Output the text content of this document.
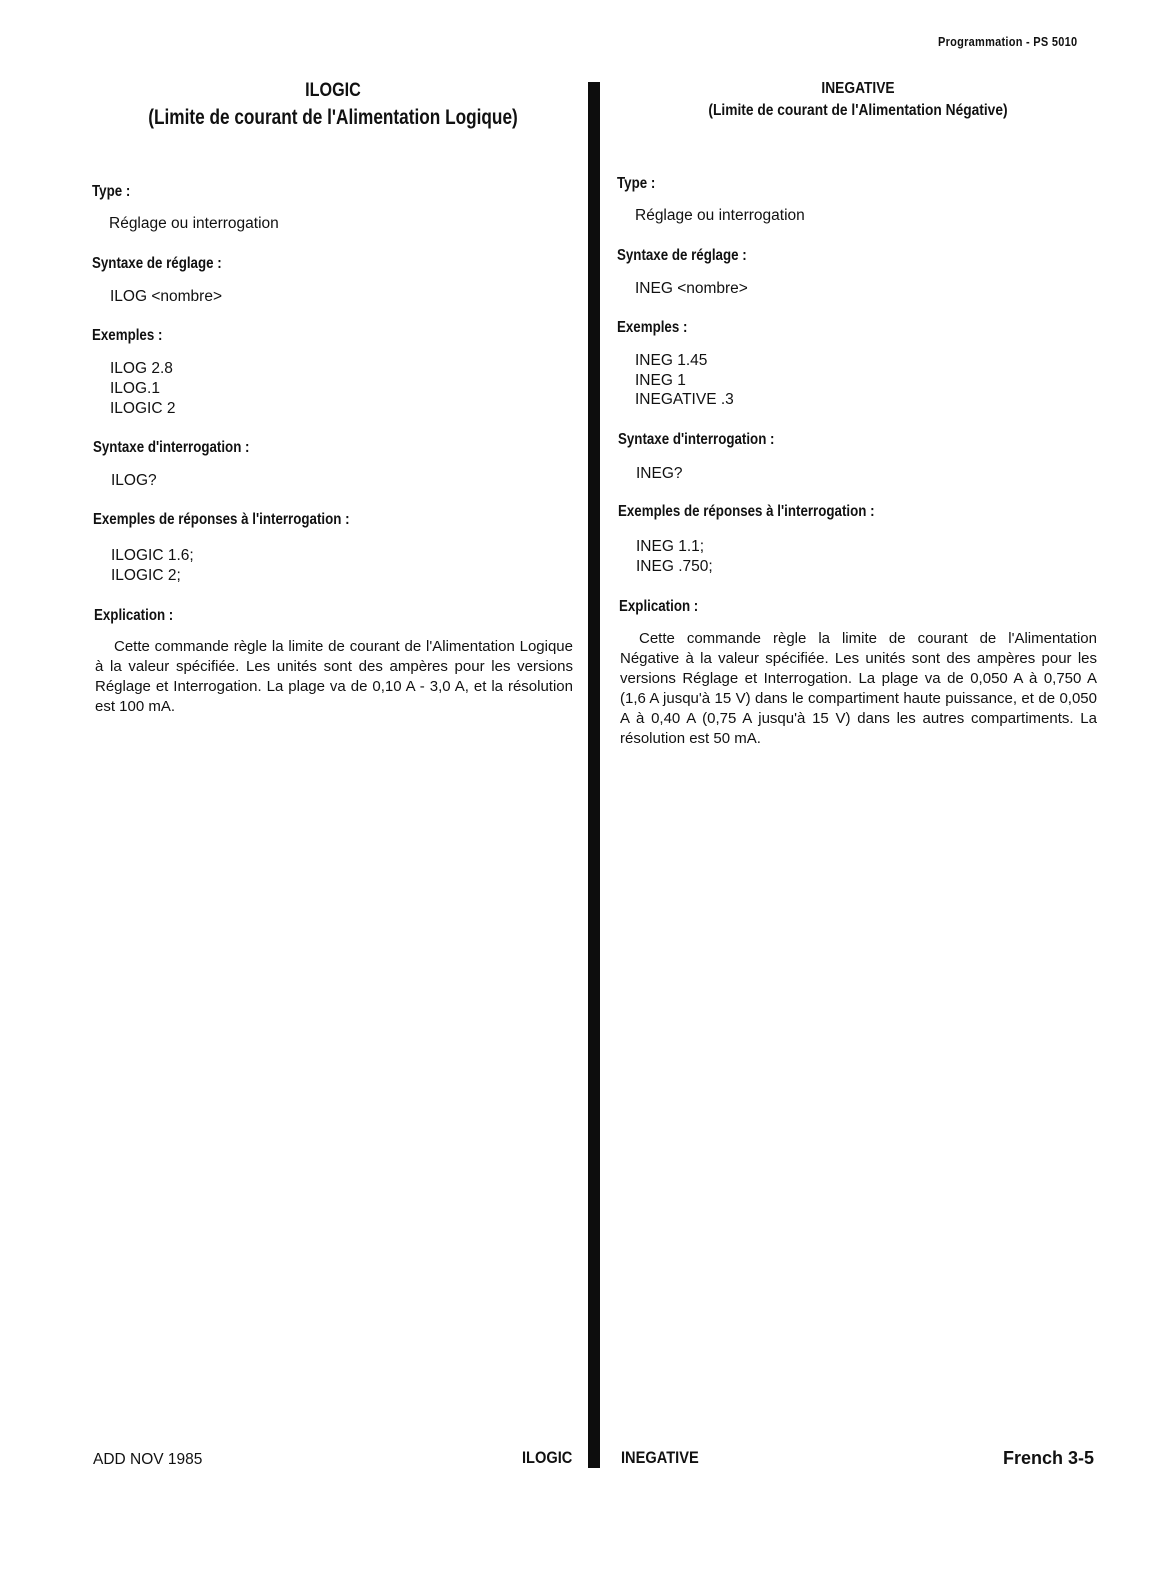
Programmation - PS 5010
ILOGIC
(Limite de courant de l'Alimentation Logique)
Type :
Réglage ou interrogation
Syntaxe de réglage :
ILOG <nombre>
Exemples :
ILOG 2.8
ILOG.1
ILOGIC 2
Syntaxe d'interrogation :
ILOG?
Exemples de réponses à l'interrogation :
ILOGIC 1.6;
ILOGIC 2;
Explication :
Cette commande règle la limite de courant de l'Alimentation Logique à la valeur spécifiée. Les unités sont des ampères pour les versions Réglage et Interrogation. La plage va de 0,10 A - 3,0 A, et la résolution est 100 mA.
INEGATIVE
(Limite de courant de l'Alimentation Négative)
Type :
Réglage ou interrogation
Syntaxe de réglage :
INEG <nombre>
Exemples :
INEG 1.45
INEG 1
INEGATIVE .3
Syntaxe d'interrogation :
INEG?
Exemples de réponses à l'interrogation :
INEG 1.1;
INEG .750;
Explication :
Cette commande règle la limite de courant de l'Alimentation Négative à la valeur spécifiée. Les unités sont des ampères pour les versions Réglage et Interrogation. La plage va de 0,050 A à 0,750 A (1,6 A jusqu'à 15 V) dans le compartiment haute puissance, et de 0,050 A à 0,40 A (0,75 A jusqu'à 15 V) dans les autres compartiments. La résolution est 50 mA.
ADD NOV 1985	ILOGIC	INEGATIVE	French 3-5
